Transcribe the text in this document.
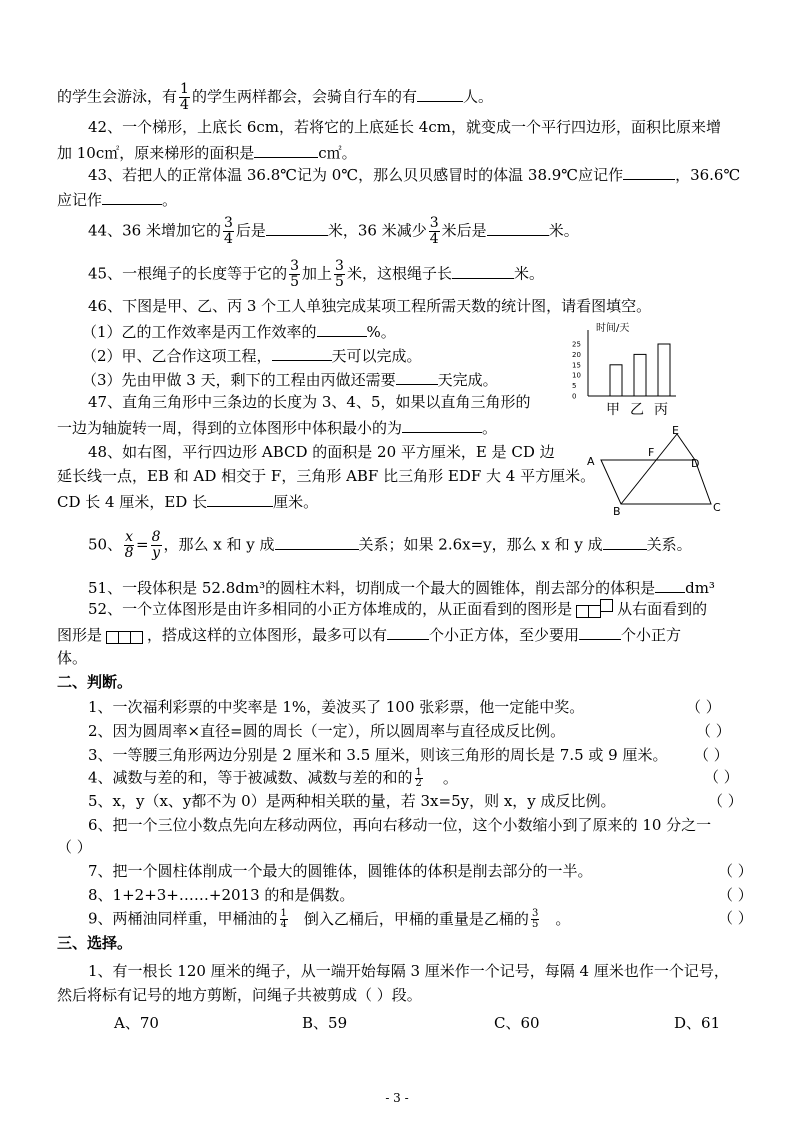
的学生会游泳，有 $\frac{1}{4}$ 的学生两样都会，会骑自行车的有	人。
42、一个梯形，上底长 6cm，若将它的上底延长 4cm，就变成一个平行四边形，面积比原来增
加 10c㎡，原来梯形的面积是	c㎡。
43、若把人的正常体温 36.8℃记为 0℃，那么贝贝感冒时的体温 38.9℃应记作	，36.6℃
应记作	。
44、36 米增加它的 $\frac{3}{4}$ 后是	米，36 米减少 $\frac{3}{4}$ 米后是	米。
45、一根绳子的长度等于它的 $\frac{3}{5}$ 加上 $\frac{3}{5}$ 米，这根绳子长	米。
46、下图是甲、乙、丙 3 个工人单独完成某项工程所需天数的统计图，请看图填空。
（1）乙的工作效率是丙工作效率的	%。
（2）甲、乙合作这项工程，	天可以完成。
（3）先由甲做 3 天，剩下的工程由丙做还需要	天完成。
时间/天
0
5
10
15
20
25
甲 乙 丙
47、直角三角形中三条边的长度为 3、4、5，如果以直角三角形的
一边为轴旋转一周，得到的立体图形中体积最小的为	。
48、如右图，平行四边形 ABCD 的面积是 20 平方厘米，E 是 CD 边
延长线一点，EB 和 AD 相交于 F，三角形 ABF 比三角形 EDF 大 4 平方厘米。
CD 长 4 厘米，ED 长	厘米。
A
B	C
D
E
F
50、 $\frac{x}{8} = \frac{8}{y}$ ，那么 x 和 y 成	关系；如果 2.6x=y，那么 x 和 y 成	关系。
51、一段体积是 52.8dm³的圆柱木料，切削成一个最大的圆锥体，削去部分的体积是 dm³
52、一个立体图形是由许多相同的小正方体堆成的，从正面看到的图形是	从右面看到的
图形是	，搭成这样的立体图形，最多可以有	个小正方体，至少要用	个小正方
体。
二、判断。
1、一次福利彩票的中奖率是 1%，姜波买了 100 张彩票，他一定能中奖。	（ ）
2、因为圆周率×直径=圆的周长（一定），所以圆周率与直径成反比例。	（ ）
3、一等腰三角形两边分别是 2 厘米和 3.5 厘米，则该三角形的周长是 7.5 或 9 厘米。 （ ）
4、减数与差的和，等于被减数、减数与差的和的 $\frac{1}{2}$ 。	（ ）
5、x，y（x、y都不为 0）是两种相关联的量，若 3x=5y，则 x，y 成反比例。	（ ）
6、把一个三位小数点先向左移动两位，再向右移动一位，这个小数缩小到了原来的 10 分之一
（ ）
7、把一个圆柱体削成一个最大的圆锥体，圆锥体的体积是削去部分的一半。	（ ）
8、1+2+3+……+2013 的和是偶数。	（ ）
9、两桶油同样重，甲桶油的 $\frac{1}{4}$ 倒入乙桶后，甲桶的重量是乙桶的 $\frac{3}{5}$ 。	（ ）
三、选择。
1、有一根长 120 厘米的绳子，从一端开始每隔 3 厘米作一个记号，每隔 4 厘米也作一个记号，
然后将标有记号的地方剪断，问绳子共被剪成（ ）段。
A、70	B、59	C、60	D、61
- 3 -
